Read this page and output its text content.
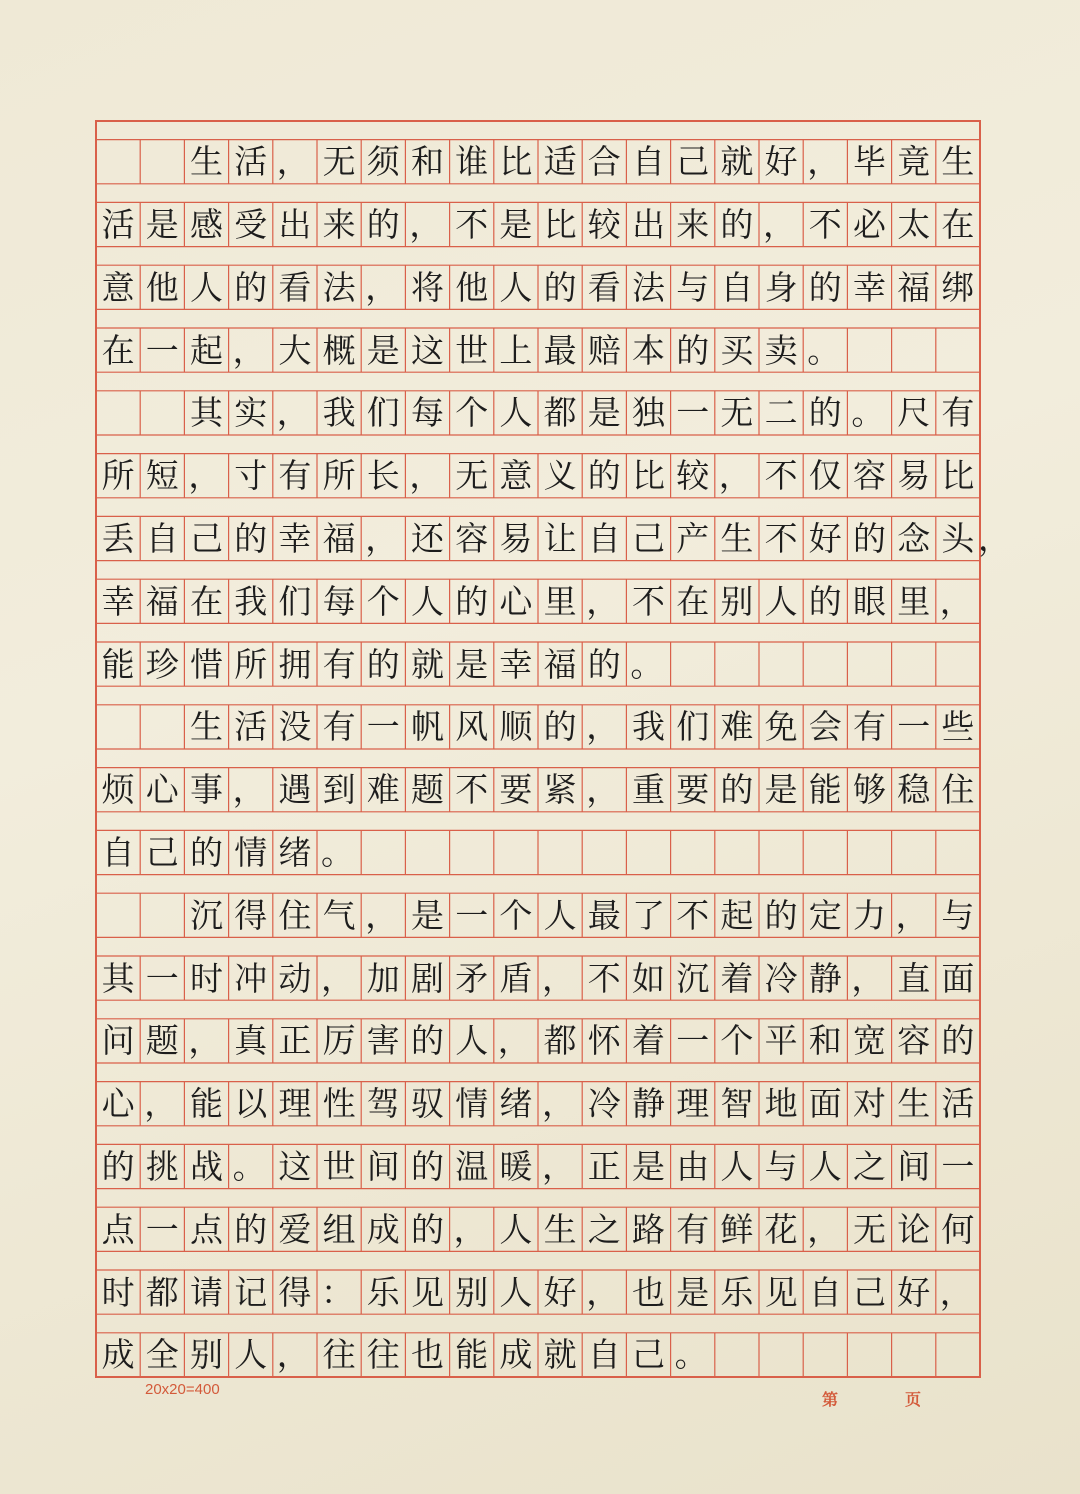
生 活 ， 无 须 和 谁 比 适 合 自 己 就 好 ， 毕 竟 生
活 是 感 受 出 来 的 ， 不 是 比 较 出 来 的 ， 不 必 太 在
意 他 人 的 看 法 ， 将 他 人 的 看 法 与 自 身 的 幸 福 绑
在 一 起 ， 大 概 是 这 世 上 最 赔 本 的 买 卖 。
其 实 ， 我 们 每 个 人 都 是 独 一 无 二 的 。 尺 有
所 短 ， 寸 有 所 长 ， 无 意 义 的 比 较 ， 不 仅 容 易 比
丢 自 己 的 幸 福 ， 还 容 易 让 自 己 产 生 不 好 的 念 头 ，
幸 福 在 我 们 每 个 人 的 心 里 ， 不 在 别 人 的 眼 里 ，
能 珍 惜 所 拥 有 的 就 是 幸 福 的 。
生 活 没 有 一 帆 风 顺 的 ， 我 们 难 免 会 有 一 些
烦 心 事 ， 遇 到 难 题 不 要 紧 ， 重 要 的 是 能 够 稳 住
自 己 的 情 绪 。
沉 得 住 气 ， 是 一 个 人 最 了 不 起 的 定 力 ， 与
其 一 时 冲 动 ， 加 剧 矛 盾 ， 不 如 沉 着 冷 静 ， 直 面
问 题 ， 真 正 厉 害 的 人 ， 都 怀 着 一 个 平 和 宽 容 的
心 ， 能 以 理 性 驾 驭 情 绪 ， 冷 静 理 智 地 面 对 生 活
的 挑 战 。 这 世 间 的 温 暖 ， 正 是 由 人 与 人 之 间 一
点 一 点 的 爱 组 成 的 ， 人 生 之 路 有 鲜 花 ， 无 论 何
时 都 请 记 得 ： 乐 见 别 人 好 ， 也 是 乐 见 自 己 好 ，
成 全 别 人 ， 往 往 也 能 成 就 自 己 。
20x20=400
第	页
